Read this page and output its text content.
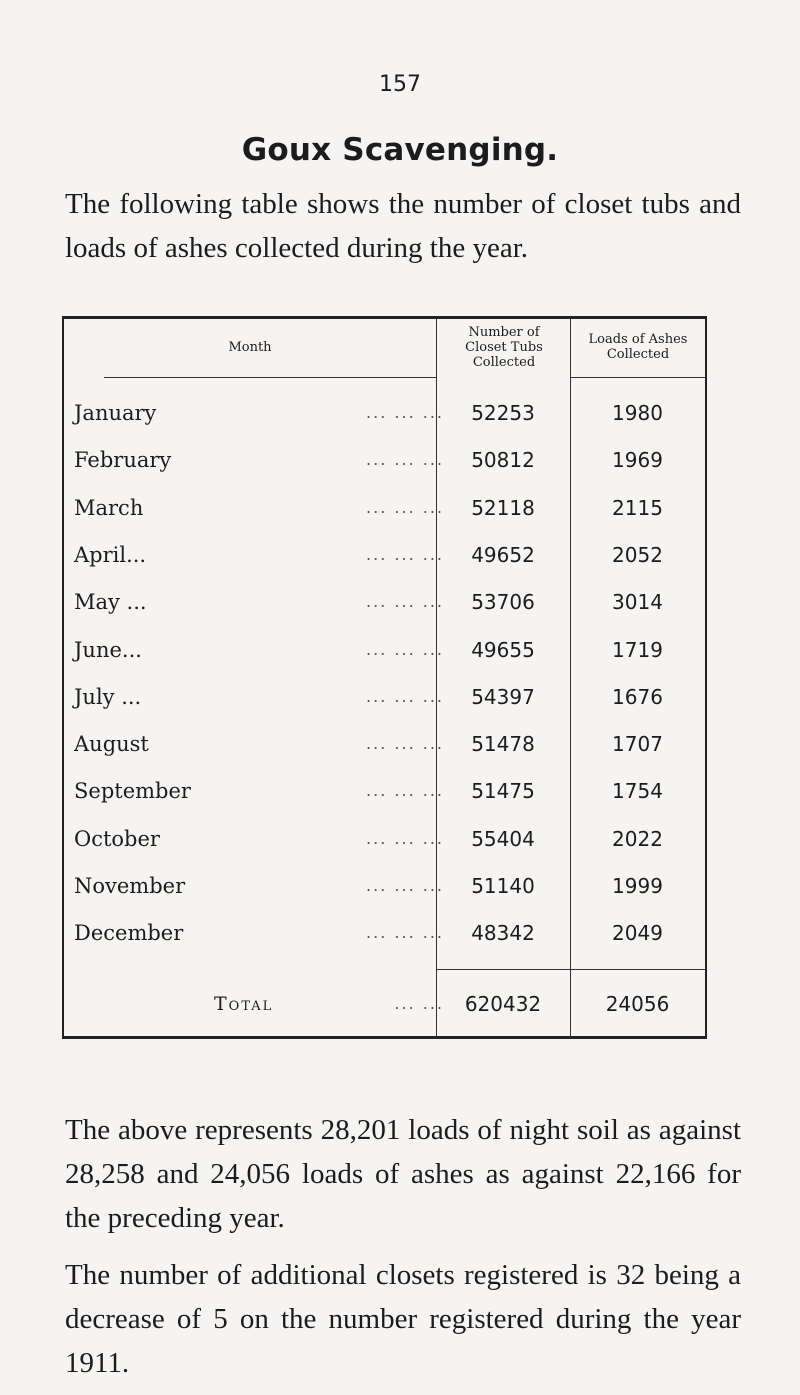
157
Goux Scavenging.
The following table shows the number of closet tubs and loads of ashes collected during the year.
Month
Number of Closet Tubs Collected
Loads of Ashes Collected
January	... ... ...	52253	1980
February	... ... ...	50812	1969
March	... ... ...	52118	2115
April...	... ... ...	49652	2052
May ...	... ... ...	53706	3014
June...	... ... ...	49655	1719
July ...	... ... ...	54397	1676
August	... ... ...	51478	1707
September	... ... ...	51475	1754
October	... ... ...	55404	2022
November	... ... ...	51140	1999
December	... ... ...	48342	2049
Total	... ...	620432	24056
The above represents 28,201 loads of night soil as against 28,258 and 24,056 loads of ashes as against 22,166 for the preceding year.
The number of additional closets registered is 32 being a decrease of 5 on the number registered during the year 1911.
